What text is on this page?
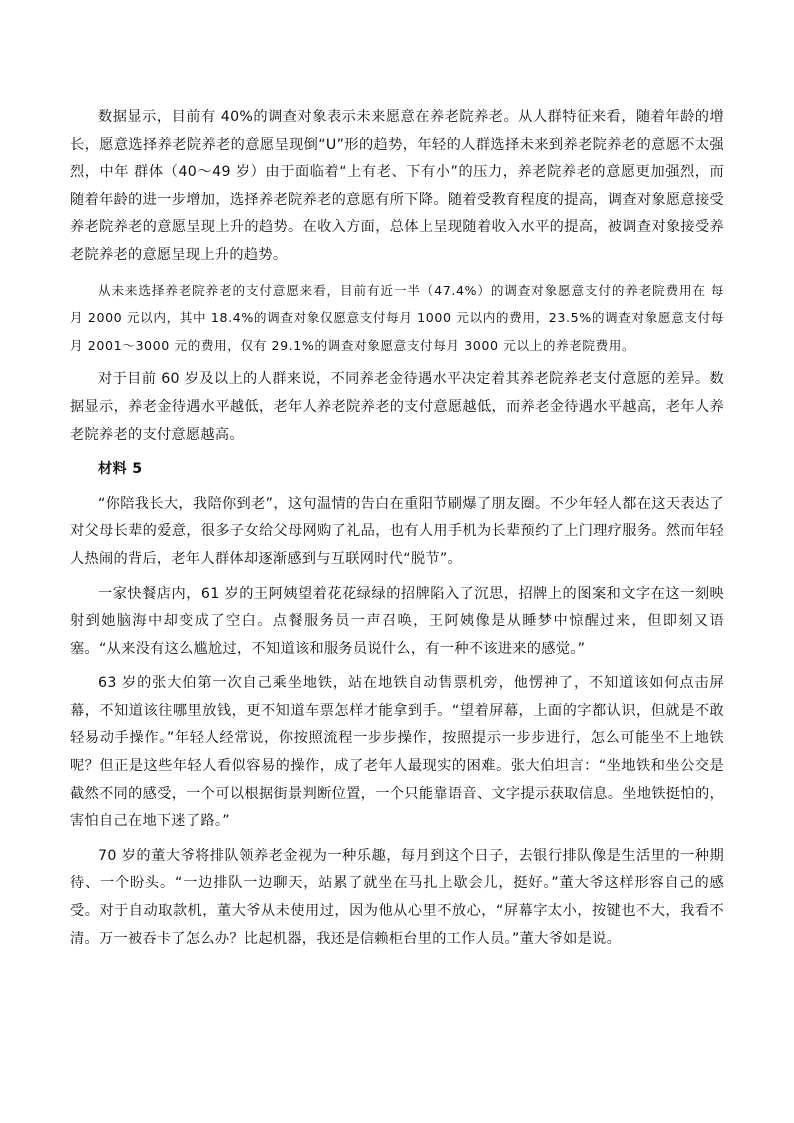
数据显示，目前有 40%的调查对象表示未来愿意在养老院养老。从人群特征来看，随着年龄的增长，愿意选择养老院养老的意愿呈现倒“U”形的趋势，年轻的人群选择未来到养老院养老的意愿不太强烈，中年 群体（40～49 岁）由于面临着“上有老、下有小”的压力，养老院养老的意愿更加强烈，而随着年龄的进一步增加，选择养老院养老的意愿有所下降。随着受教育程度的提高，调查对象愿意接受养老院养老的意愿呈现上升的趋势。在收入方面，总体上呈现随着收入水平的提高，被调查对象接受养老院养老的意愿呈现上升的趋势。

从未来选择养老院养老的支付意愿来看，目前有近一半（47.4%）的调查对象愿意支付的养老院费用在 每月 2000 元以内，其中 18.4%的调查对象仅愿意支付每月 1000 元以内的费用，23.5%的调查对象愿意支付每月 2001～3000 元的费用，仅有 29.1%的调查对象愿意支付每月 3000 元以上的养老院费用。

对于目前 60 岁及以上的人群来说，不同养老金待遇水平决定着其养老院养老支付意愿的差异。数据显示，养老金待遇水平越低，老年人养老院养老的支付意愿越低，而养老金待遇水平越高，老年人养老院养老的支付意愿越高。

材料 5

“你陪我长大，我陪你到老”，这句温情的告白在重阳节刷爆了朋友圈。不少年轻人都在这天表达了对父母长辈的爱意，很多子女给父母网购了礼品，也有人用手机为长辈预约了上门理疗服务。然而年轻人热闹的背后，老年人群体却逐渐感到与互联网时代“脱节”。

一家快餐店内，61 岁的王阿姨望着花花绿绿的招牌陷入了沉思，招牌上的图案和文字在这一刻映射到她脑海中却变成了空白。点餐服务员一声召唤，王阿姨像是从睡梦中惊醒过来，但即刻又语塞。“从来没有这么尴尬过，不知道该和服务员说什么，有一种不该进来的感觉。”

63 岁的张大伯第一次自己乘坐地铁，站在地铁自动售票机旁，他愣神了，不知道该如何点击屏幕，不知道该往哪里放钱，更不知道车票怎样才能拿到手。“望着屏幕，上面的字都认识，但就是不敢轻易动手操作。”年轻人经常说，你按照流程一步步操作，按照提示一步步进行，怎么可能坐不上地铁呢？但正是这些年轻人看似容易的操作，成了老年人最现实的困难。张大伯坦言：“坐地铁和坐公交是截然不同的感受，一个可以根据街景判断位置，一个只能靠语音、文字提示获取信息。坐地铁挺怕的，害怕自己在地下迷了路。”

70 岁的董大爷将排队领养老金视为一种乐趣，每月到这个日子，去银行排队像是生活里的一种期待、一个盼头。“一边排队一边聊天，站累了就坐在马扎上歇会儿，挺好。”董大爷这样形容自己的感受。对于自动取款机，董大爷从未使用过，因为他从心里不放心，“屏幕字太小，按键也不大，我看不清。万一被吞卡了怎么办？比起机器，我还是信赖柜台里的工作人员。”董大爷如是说。
